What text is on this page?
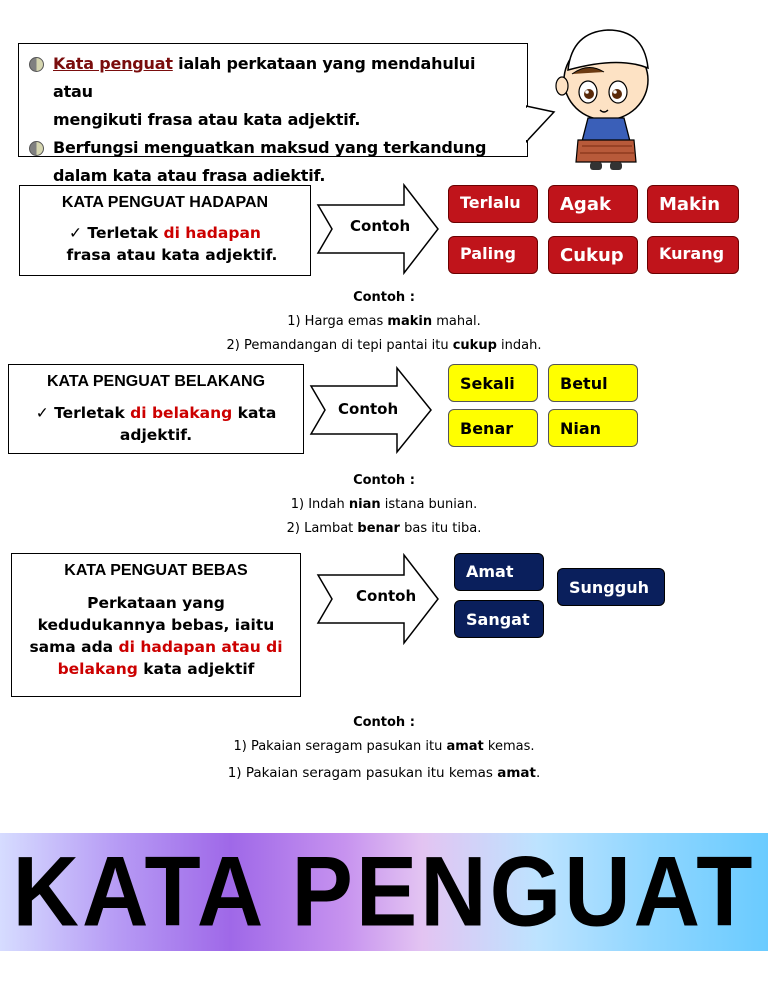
Kata penguat ialah perkataan yang mendahului atau
mengikuti frasa atau kata adjektif.
Berfungsi menguatkan maksud yang terkandung
dalam kata atau frasa adiektif.
KATA PENGUAT HADAPAN
✓ Terletak di hadapan
frasa atau kata adjektif.
Contoh
Terlalu	Agak	Makin
Paling	Cukup	Kurang
Contoh :
1) Harga emas makin mahal.
2) Pemandangan di tepi pantai itu cukup indah.
KATA PENGUAT BELAKANG
✓ Terletak di belakang kata
adjektif.
Contoh
Sekali	Betul
Benar	Nian
Contoh :
1) Indah nian istana bunian.
2) Lambat benar bas itu tiba.
KATA PENGUAT BEBAS
Perkataan yang
kedudukannya bebas, iaitu
sama ada di hadapan atau di
belakang kata adjektif
Contoh
Amat
Sungguh
Sangat
Contoh :
1) Pakaian seragam pasukan itu amat kemas.
1) Pakaian seragam pasukan itu kemas amat.
KATA PENGUAT
